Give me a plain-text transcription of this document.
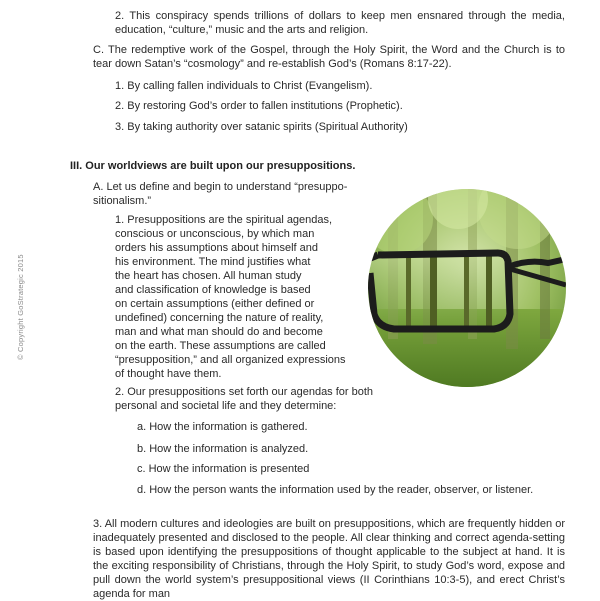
© Copyright GoStrategic 2015

2. This conspiracy spends trillions of dollars to keep men ensnared through the media, education, “culture,” music and the arts and religion.

C. The redemptive work of the Gospel, through the Holy Spirit, the Word and the Church is to tear down Satan’s “cosmology” and re-establish God’s (Romans 8:17-22).

1. By calling fallen individuals to Christ (Evangelism).

2. By restoring God’s order to fallen institutions (Prophetic).

3. By taking authority over satanic spirits (Spiritual Authority)

III. Our worldviews are built upon our presuppositions.

A. Let us define and begin to understand “presuppo-sitionalism.”

1. Presuppositions are the spiritual agendas,
conscious or unconscious, by which man
orders his assumptions about himself and
his environment. The mind justifies what
the heart has chosen. All human study
and classification of knowledge is based
on certain assumptions (either defined or
undefined) concerning the nature of reality,
man and what man should do and become
on the earth. These assumptions are called
“presupposition,” and all organized expressions
of thought have them.

2. Our presuppositions set forth our agendas for both personal and societal life and they determine:

a. How the information is gathered.

b. How the information is analyzed.

c. How the information is presented

d. How the person wants the information used by the reader, observer, or listener.

3. All modern cultures and ideologies are built on presuppositions, which are frequently hidden or inadequately presented and disclosed to the people. All clear thinking and correct agenda-setting is based upon identifying the presuppositions of thought applicable to the subject at hand. It is the exciting responsibility of Christians, through the Holy Spirit, to study God’s word, expose and pull down the world system’s presuppositional views (II Corinthians 10:3-5), and erect Christ’s agenda for man
